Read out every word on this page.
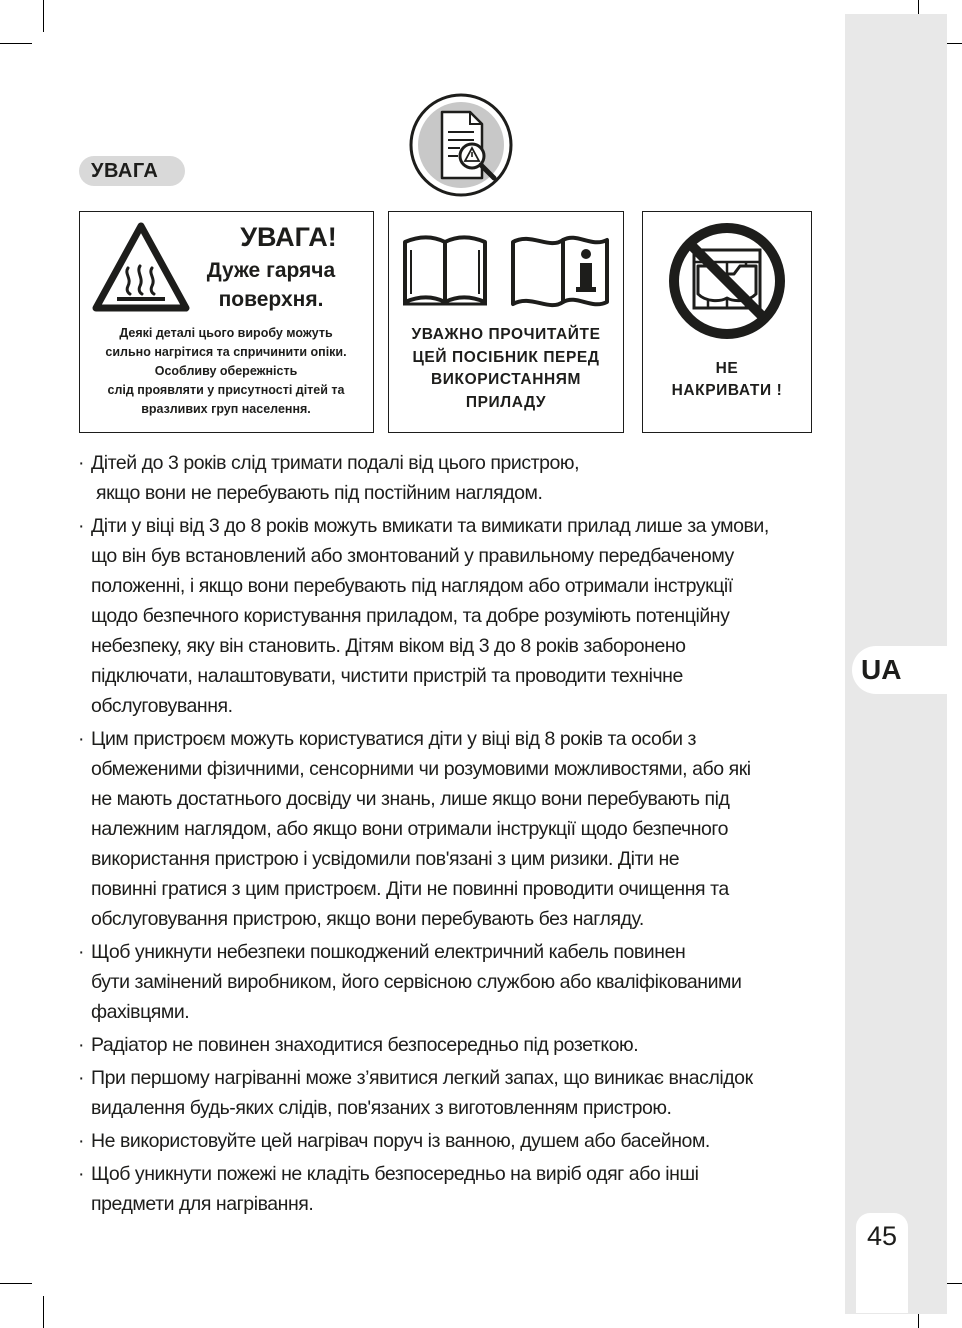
UA
45
УВАГА
УВАГА!
Дуже гаряча
поверхня.
Деякі деталі цього виробу можуть
сильно нагрітися та спричинити опіки.
Особливу обережність
слід проявляти у присутності дітей та
вразливих груп населення.
УВАЖНО ПРОЧИТАЙТЕ
ЦЕЙ ПОСІБНИК ПЕРЕД
ВИКОРИСТАННЯМ
ПРИЛАДУ
НЕ
НАКРИВАТИ !
· Дітей до 3 років слід тримати подалі від цього пристрою,
якщо вони не перебувають під постійним наглядом.
· Діти у віці від 3 до 8 років можуть вмикати та вимикати прилад лише за умови,
що він був встановлений або змонтований у правильному передбаченому
положенні, і якщо вони перебувають під наглядом або отримали інструкції
щодо безпечного користування приладом, та добре розуміють потенційну
небезпеку, яку він становить. Дітям віком від 3 до 8 років заборонено
підключати, налаштовувати, чистити пристрій та проводити технічне
обслуговування.
· Цим пристроєм можуть користуватися діти у віці від 8 років та особи з
обмеженими фізичними, сенсорними чи розумовими можливостями, або які
не мають достатнього досвіду чи знань, лише якщо вони перебувають під
належним наглядом, або якщо вони отримали інструкції щодо безпечного
використання пристрою і усвідомили пов'язані з цим ризики. Діти не
повинні гратися з цим пристроєм. Діти не повинні проводити очищення та
обслуговування пристрою, якщо вони перебувають без нагляду.
· Щоб уникнути небезпеки пошкоджений електричний кабель повинен
бути замінений виробником, його сервісною службою або кваліфікованими
фахівцями.
· Радіатор не повинен знаходитися безпосередньо під розеткою.
· При першому нагріванні може з’явитися легкий запах, що виникає внаслідок
видалення будь-яких слідів, пов'язаних з виготовленням пристрою.
· Не використовуйте цей нагрівач поруч із ванною, душем або басейном.
· Щоб уникнути пожежі не кладіть безпосередньо на виріб одяг або інші
предмети для нагрівання.
